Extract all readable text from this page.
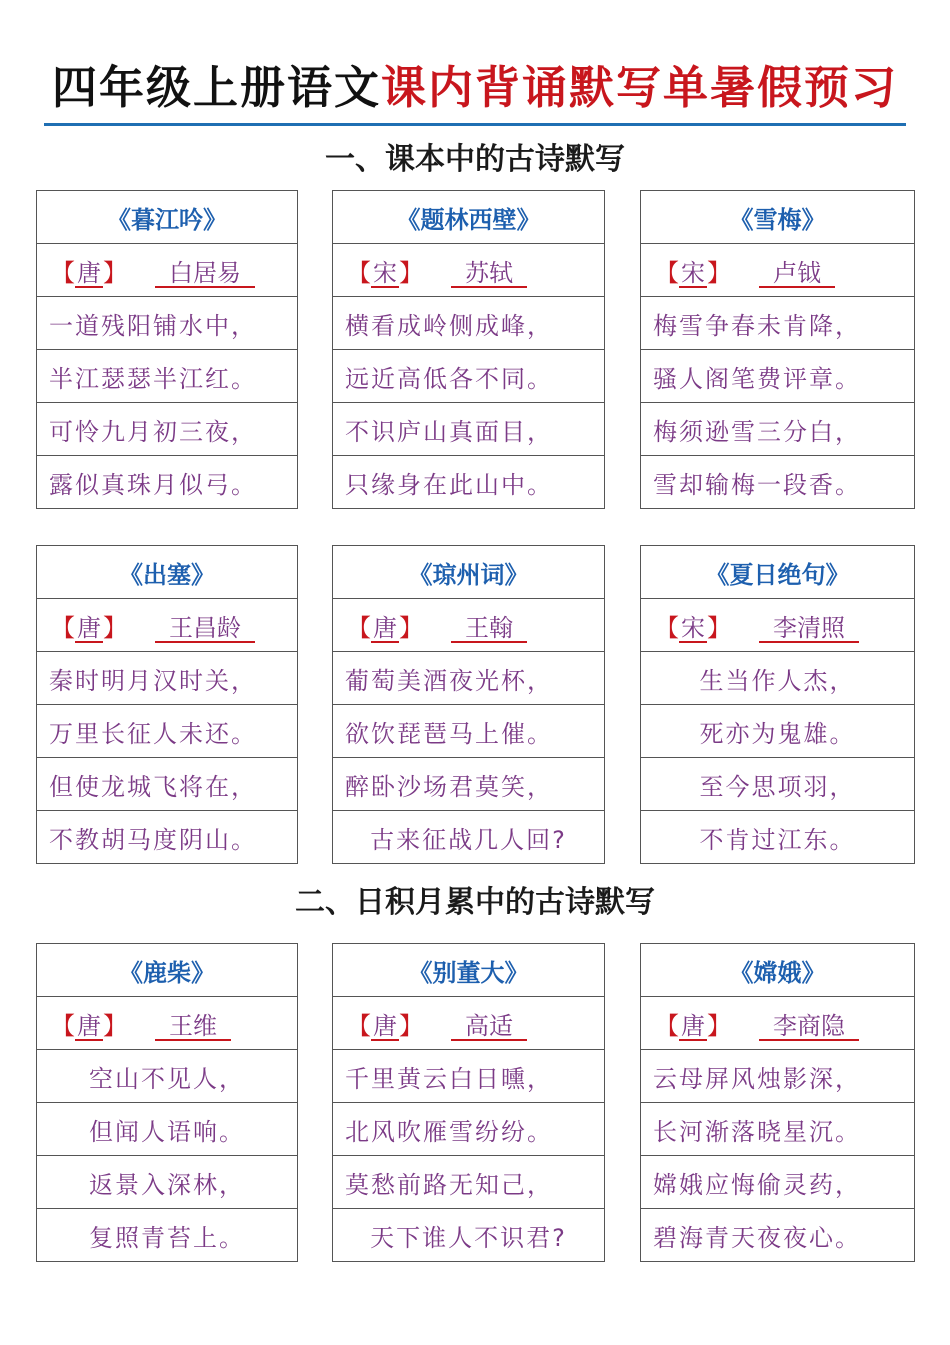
四年级上册语文课内背诵默写单暑假预习
一、课本中的古诗默写
《暮江吟》
【唐】 白居易
一道残阳铺水中，
半江瑟瑟半江红。
可怜九月初三夜，
露似真珠月似弓。
《题林西壁》
【宋】 苏轼
横看成岭侧成峰，
远近高低各不同。
不识庐山真面目，
只缘身在此山中。
《雪梅》
【宋】 卢钺
梅雪争春未肯降，
骚人阁笔费评章。
梅须逊雪三分白，
雪却输梅一段香。
《出塞》
【唐】 王昌龄
秦时明月汉时关，
万里长征人未还。
但使龙城飞将在，
不教胡马度阴山。
《琼州词》
【唐】 王翰
葡萄美酒夜光杯，
欲饮琵琶马上催。
醉卧沙场君莫笑，
古来征战几人回?
《夏日绝句》
【宋】 李清照
生当作人杰，
死亦为鬼雄。
至今思项羽，
不肯过江东。
二、日积月累中的古诗默写
《鹿柴》
【唐】 王维
空山不见人，
但闻人语响。
返景入深林，
复照青苔上。
《别董大》
【唐】 高适
千里黄云白日曛，
北风吹雁雪纷纷。
莫愁前路无知己，
天下谁人不识君?
《嫦娥》
【唐】 李商隐
云母屏风烛影深，
长河渐落晓星沉。
嫦娥应悔偷灵药，
碧海青天夜夜心。
